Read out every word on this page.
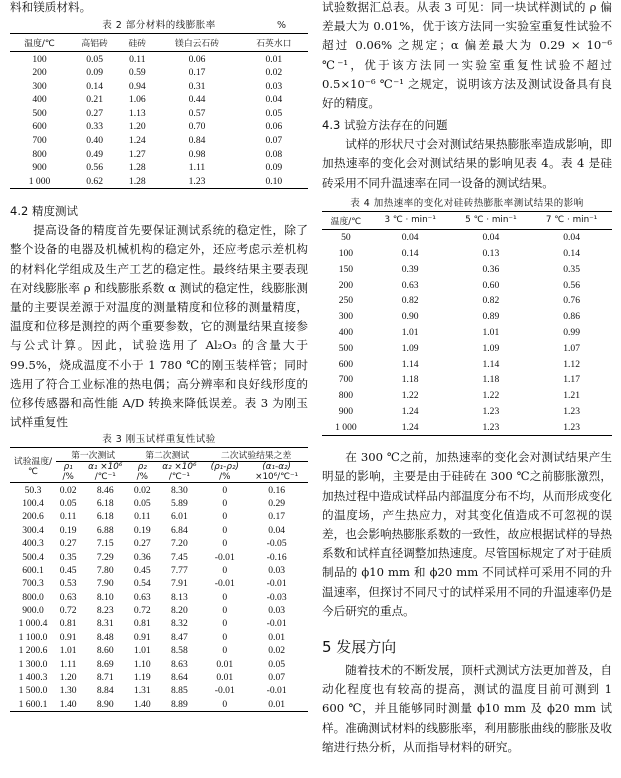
料和镁质材料。

表 2 部分材料的线膨胀率	%
温度/℃	高铝砖	硅砖	镁白云石砖	石英水口
100	0.05	0.11	0.06	0.01
200	0.09	0.59	0.17	0.02
300	0.14	0.94	0.31	0.03
400	0.21	1.06	0.44	0.04
500	0.27	1.13	0.57	0.05
600	0.33	1.20	0.70	0.06
700	0.40	1.24	0.84	0.07
800	0.49	1.27	0.98	0.08
900	0.56	1.28	1.11	0.09
1 000	0.62	1.28	1.23	0.10

4.2 精度测试

提高设备的精度首先要保证测试系统的稳定性，除了整个设备的电器及机械机构的稳定外，还应考虑示差机构的材料化学组成及生产工艺的稳定性。最终结果主要表现在对线膨胀率 ρ 和线膨胀系数 α 测试的稳定性，线膨胀测量的主要误差源于对温度的测量精度和位移的测量精度，温度和位移是测控的两个重要参数，它的测量结果直接参与公式计算。因此，试验选用了 Al₂O₃ 的含量大于 99.5%，烧成温度不小于 1 780 ℃的刚玉装样管；同时选用了符合工业标准的热电偶；高分辨率和良好线形度的位移传感器和高性能 A/D 转换来降低误差。表 3 为刚玉试样重复性

表 3 刚玉试样重复性试验

试验温度/℃	第一次测试		第二次测试		二次试验结果之差	
	ρ₁	α₁ ×10⁶	ρ₂	α₂ ×10⁶	(ρ₁-ρ₂)	(α₁-α₂)
	/%	/℃⁻¹	/%	/℃⁻¹	/%	×10⁶/℃⁻¹
50.3	0.02	8.46	0.02	8.30	0	0.16
100.4	0.05	6.18	0.05	5.89	0	0.29
200.6	0.11	6.18	0.11	6.01	0	0.17
300.4	0.19	6.88	0.19	6.84	0	0.04
400.3	0.27	7.15	0.27	7.20	0	-0.05
500.4	0.35	7.29	0.36	7.45	-0.01	-0.16
600.1	0.45	7.80	0.45	7.77	0	0.03
700.3	0.53	7.90	0.54	7.91	-0.01	-0.01
800.0	0.63	8.10	0.63	8.13	0	-0.03
900.0	0.72	8.23	0.72	8.20	0	0.03
1 000.4	0.81	8.31	0.81	8.32	0	-0.01
1 100.0	0.91	8.48	0.91	8.47	0	0.01
1 200.6	1.01	8.60	1.01	8.58	0	0.02
1 300.0	1.11	8.69	1.10	8.63	0.01	0.05
1 400.3	1.20	8.71	1.19	8.64	0.01	0.07
1 500.0	1.30	8.84	1.31	8.85	-0.01	-0.01
1 600.1	1.40	8.90	1.40	8.89	0	0.01

试验数据汇总表。从表 3 可见：同一块试样测试的 ρ 偏差最大为 0.01%，优于该方法同一实验室重复性试验不超过 0.06% 之规定；α 偏差最大为 0.29 × 10⁻⁶ ℃⁻¹，优于该方法同一实验室重复性试验不超过 0.5×10⁻⁶ ℃⁻¹ 之规定，说明该方法及测试设备具有良好的精度。

4.3 试验方法存在的问题

试样的形状尺寸会对测试结果热膨胀率造成影响，即加热速率的变化会对测试结果的影响见表 4。表 4 是硅砖采用不同升温速率在同一设备的测试结果。

表 4 加热速率的变化对硅砖热膨胀率测试结果的影响

温度/℃	3 ℃ · min⁻¹	5 ℃ · min⁻¹	7 ℃ · min⁻¹
50	0.04	0.04	0.04
100	0.14	0.13	0.14
150	0.39	0.36	0.35
200	0.63	0.60	0.56
250	0.82	0.82	0.76
300	0.90	0.89	0.86
400	1.01	1.01	0.99
500	1.09	1.09	1.07
600	1.14	1.14	1.12
700	1.18	1.18	1.17
800	1.22	1.22	1.21
900	1.24	1.23	1.23
1 000	1.24	1.23	1.23

在 300 ℃之前，加热速率的变化会对测试结果产生明显的影响，主要是由于硅砖在 300 ℃之前膨胀激烈，加热过程中造成试样品内部温度分布不均，从而形成变化的温度场，产生热应力，对其变化值造成不可忽视的误差，也会影响热膨胀系数的一致性，故应根据试样的导热系数和试样直径调整加热速度。尽管国标规定了对于硅质制品的 ϕ10 mm 和 ϕ20 mm 不同试样可采用不同的升温速率，但探讨不同尺寸的试样采用不同的升温速率仍是今后研究的重点。

5 发展方向

随着技术的不断发展，顶杆式测试方法更加普及，自动化程度也有较高的提高，测试的温度目前可测到 1 600 ℃，并且能够同时测量 ϕ10 mm 及 ϕ20 mm 试样。准确测试材料的线膨胀率，利用膨胀曲线的膨胀及收缩进行热分析，从而指导材料的研究。
